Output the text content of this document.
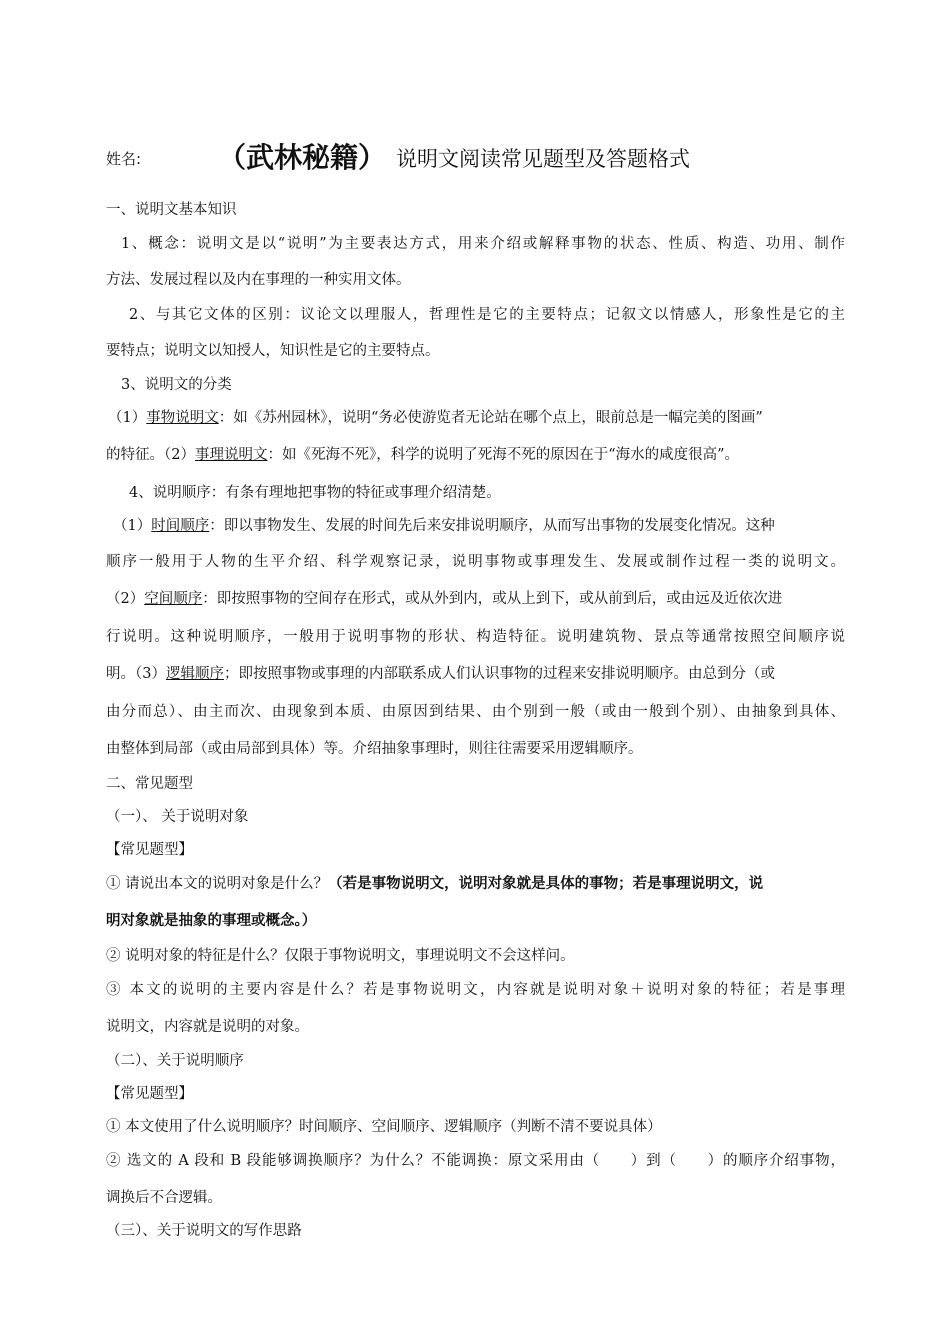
姓名:	（武林秘籍） 说明文阅读常见题型及答题格式
一、说明文基本知识
1、概念：说明文是以“说明”为主要表达方式，用来介绍或解释事物的状态、性质、构造、功用、制作
方法、发展过程以及内在事理的一种实用文体。
2、与其它文体的区别：议论文以理服人，哲理性是它的主要特点；记叙文以情感人，形象性是它的主
要特点；说明文以知授人，知识性是它的主要特点。
3、说明文的分类
（1）事物说明文：如《苏州园林》，说明“务必使游览者无论站在哪个点上，眼前总是一幅完美的图画”
的特征。（2）事理说明文：如《死海不死》，科学的说明了死海不死的原因在于“海水的咸度很高”。
4、说明顺序：有条有理地把事物的特征或事理介绍清楚。
（1）时间顺序：即以事物发生、发展的时间先后来安排说明顺序，从而写出事物的发展变化情况。这种
顺序一般用于人物的生平介绍、科学观察记录，说明事物或事理发生、发展或制作过程一类的说明文。
（2）空间顺序：即按照事物的空间存在形式，或从外到内，或从上到下，或从前到后，或由远及近依次进
行说明。这种说明顺序，一般用于说明事物的形状、构造特征。说明建筑物、景点等通常按照空间顺序说
明。（3）逻辑顺序；即按照事物或事理的内部联系成人们认识事物的过程来安排说明顺序。由总到分（或
由分而总）、由主而次、由现象到本质、由原因到结果、由个别到一般（或由一般到个别）、由抽象到具体、
由整体到局部（或由局部到具体）等。介绍抽象事理时，则往往需要采用逻辑顺序。
二、常见题型
（一）、 关于说明对象
【常见题型】
① 请说出本文的说明对象是什么？（若是事物说明文，说明对象就是具体的事物；若是事理说明文，说
明对象就是抽象的事理或概念。）
② 说明对象的特征是什么？仅限于事物说明文，事理说明文不会这样问。
③ 本文的说明的主要内容是什么？若是事物说明文，内容就是说明对象＋说明对象的特征；若是事理
说明文，内容就是说明的对象。
（二）、关于说明顺序
【常见题型】
① 本文使用了什么说明顺序？时间顺序、空间顺序、逻辑顺序（判断不清不要说具体）
② 选文的 A 段和 B 段能够调换顺序？为什么？不能调换：原文采用由（　　）到（　　）的顺序介绍事物，
调换后不合逻辑。
（三）、关于说明文的写作思路
